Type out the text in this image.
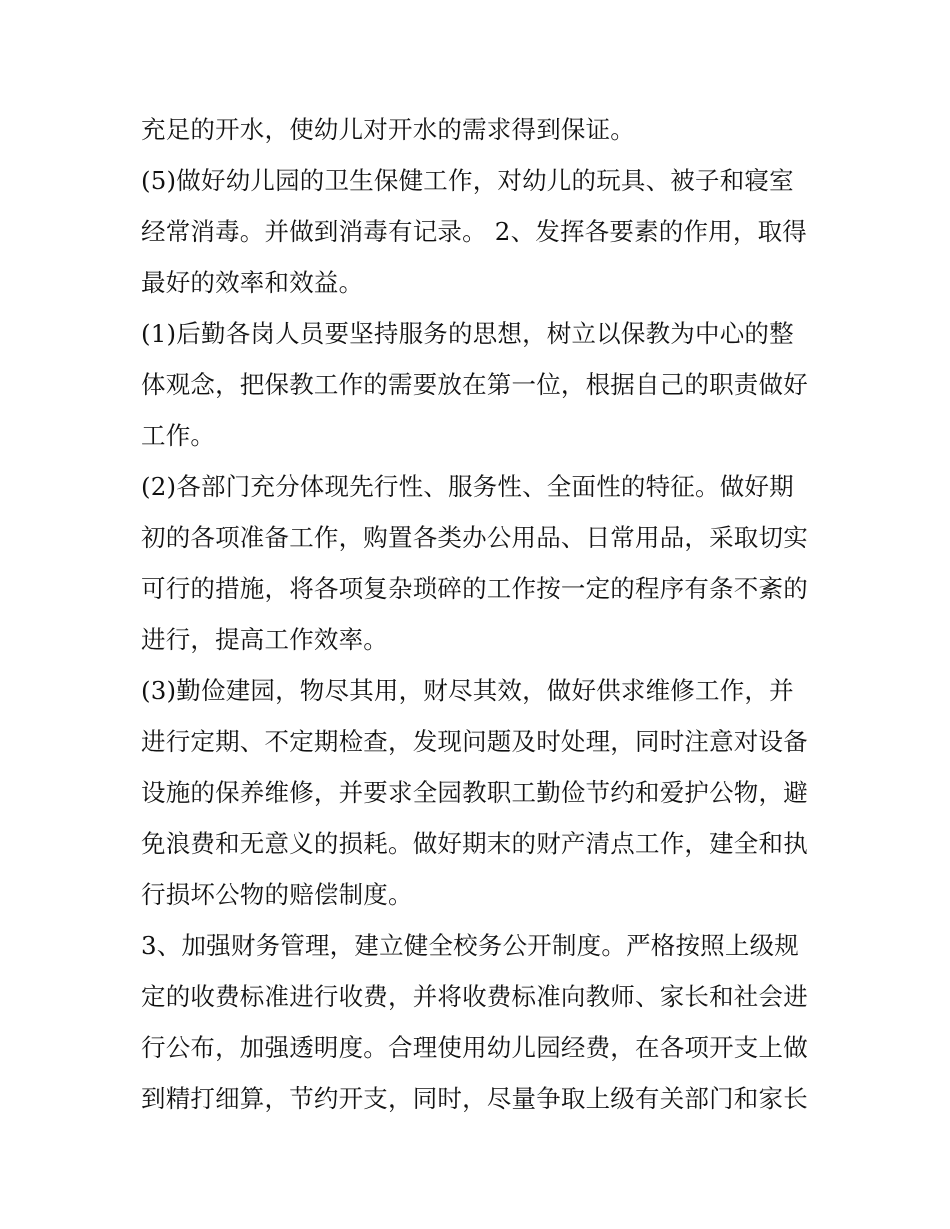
充足的开水，使幼儿对开水的需求得到保证。
(5)做好幼儿园的卫生保健工作，对幼儿的玩具、被子和寝室
经常消毒。并做到消毒有记录。 2、发挥各要素的作用，取得
最好的效率和效益。
(1)后勤各岗人员要坚持服务的思想，树立以保教为中心的整
体观念，把保教工作的需要放在第一位，根据自己的职责做好
工作。
(2)各部门充分体现先行性、服务性、全面性的特征。做好期
初的各项准备工作，购置各类办公用品、日常用品，采取切实
可行的措施，将各项复杂琐碎的工作按一定的程序有条不紊的
进行，提高工作效率。
(3)勤俭建园，物尽其用，财尽其效，做好供求维修工作，并
进行定期、不定期检查，发现问题及时处理，同时注意对设备
设施的保养维修，并要求全园教职工勤俭节约和爱护公物，避
免浪费和无意义的损耗。做好期末的财产清点工作，建全和执
行损坏公物的赔偿制度。
3、加强财务管理，建立健全校务公开制度。严格按照上级规
定的收费标准进行收费，并将收费标准向教师、家长和社会进
行公布，加强透明度。合理使用幼儿园经费，在各项开支上做
到精打细算，节约开支，同时，尽量争取上级有关部门和家长
